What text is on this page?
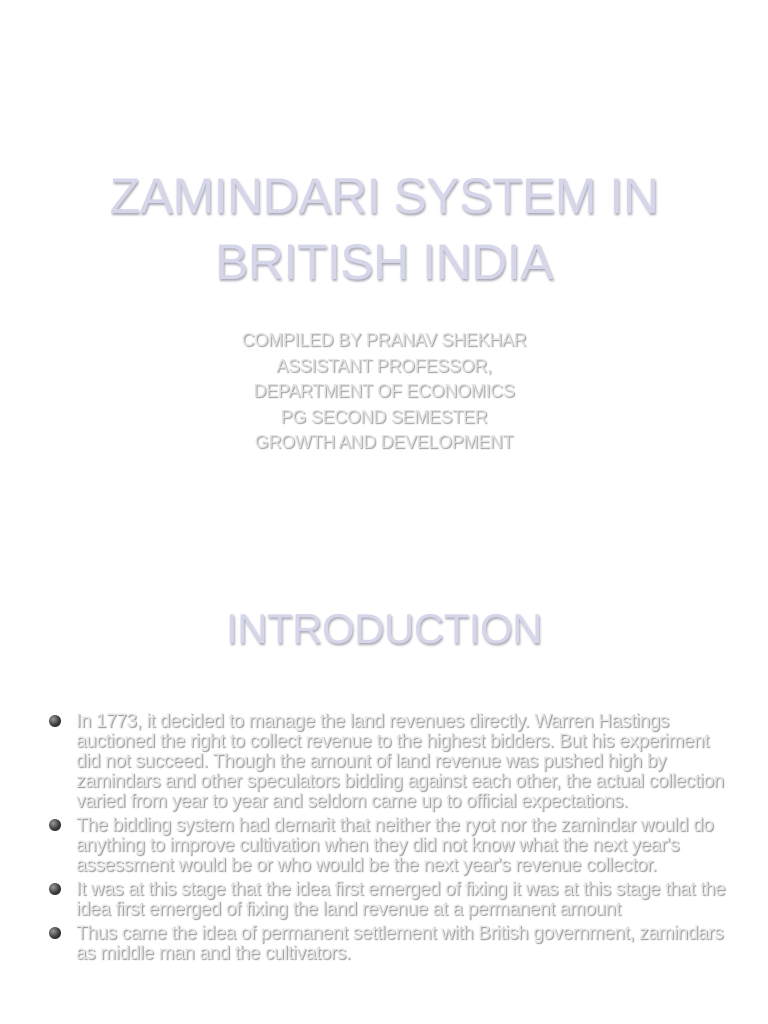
ZAMINDARI SYSTEM IN
BRITISH INDIA
COMPILED BY PRANAV SHEKHAR
ASSISTANT PROFESSOR,
DEPARTMENT OF ECONOMICS
PG SECOND SEMESTER
GROWTH AND DEVELOPMENT
INTRODUCTION
In 1773, it decided to manage the land revenues directly. Warren Hastings auctioned the right to collect revenue to the highest bidders. But his experiment did not succeed. Though the amount of land revenue was pushed high by zamindars and other speculators bidding against each other, the actual collection varied from year to year and seldom came up to official expectations.
The bidding system had demarit that neither the ryot nor the zamindar would do anything to improve cultivation when they did not know what the next year's assessment would be or who would be the next year's revenue collector.
It was at this stage that the idea first emerged of fixing it was at this stage that the idea first emerged of fixing the land revenue at a permanent amount
Thus came the idea of permanent settlement with British government, zamindars as middle man and the cultivators.
